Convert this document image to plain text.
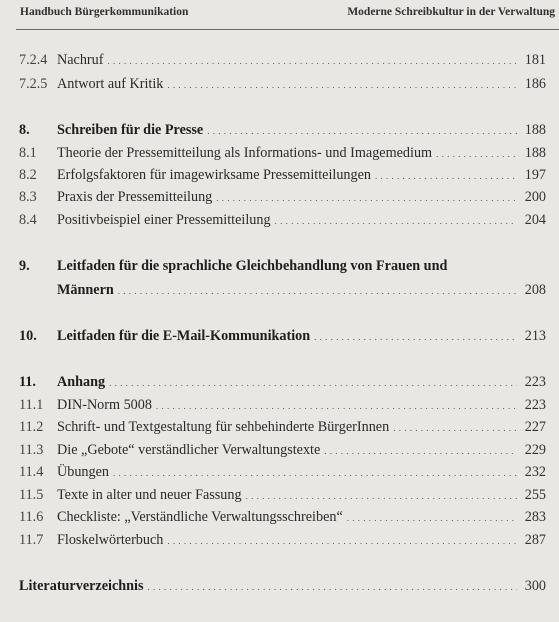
Handbuch Bürgerkommunikation	Moderne Schreibkultur in der Verwaltung
7.2.4 Nachruf . . .	181
7.2.5 Antwort auf Kritik . . .	186
8. Schreiben für die Presse . . .	188
8.1 Theorie der Pressemitteilung als Informations- und Imagemedium . . .	188
8.2 Erfolgsfaktoren für imagewirksame Pressemitteilungen . . .	197
8.3 Praxis der Pressemitteilung . . .	200
8.4 Positivbeispiel einer Pressemitteilung . . .	204
9. Leitfaden für die sprachliche Gleichbehandlung von Frauen und
Männern . . .	208
10. Leitfaden für die E-Mail-Kommunikation . . .	213
11. Anhang . . .	223
11.1 DIN-Norm 5008 . . .	223
11.2 Schrift- und Textgestaltung für sehbehinderte BürgerInnen . . .	227
11.3 Die „Gebote“ verständlicher Verwaltungstexte . . .	229
11.4 Übungen . . .	232
11.5 Texte in alter und neuer Fassung . . .	255
11.6 Checkliste: „Verständliche Verwaltungsschreiben“ . . .	283
11.7 Floskelwörterbuch . . .	287
Literaturverzeichnis . . .	300
